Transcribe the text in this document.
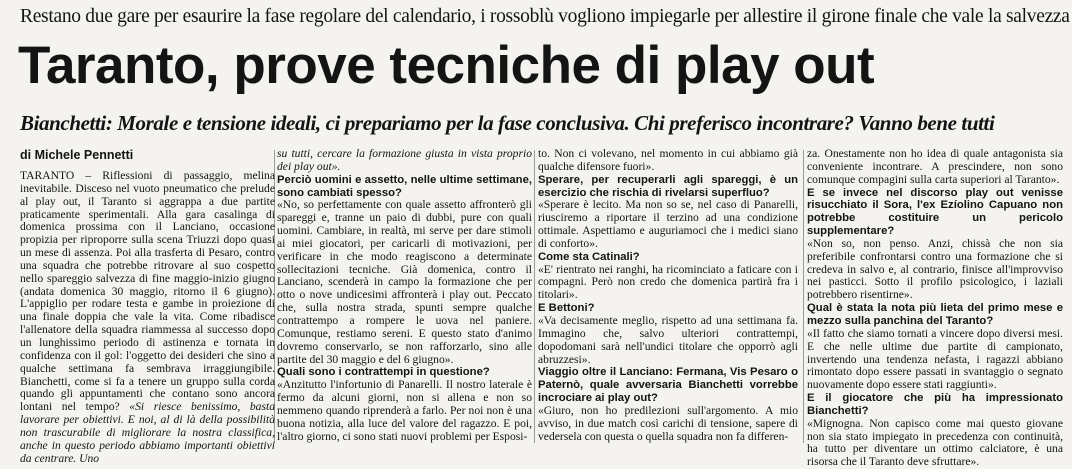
Restano due gare per esaurire la fase regolare del calendario, i rossoblù vogliono impiegarle per allestire il girone finale che vale la salvezza
Taranto, prove tecniche di play out
Bianchetti: Morale e tensione ideali, ci prepariamo per la fase conclusiva. Chi preferisco incontrare? Vanno bene tutti
di Michele Pennetti

TARANTO – Riflessioni di passaggio, melina inevitabile. Disceso nel vuoto pneumatico che prelude al play out, il Taranto si aggrappa a due partite praticamente sperimentali. Alla gara casalinga di domenica prossima con il Lanciano, occasione propizia per riproporre sulla scena Triuzzi dopo quasi un mese di assenza. Poi alla trasferta di Pesaro, contro una squadra che potrebbe ritrovare al suo cospetto nello spareggio salvezza di fine maggio-inizio giugno (andata domenica 30 maggio, ritorno il 6 giugno). L'appiglio per rodare testa e gambe in proiezione di una finale doppia che vale la vita. Come ribadisce l'allenatore della squadra riammessa al successo dopo un lunghissimo periodo di astinenza e tornata in confidenza con il gol: l'oggetto dei desideri che sino a qualche settimana fa sembrava irraggiungibile. Bianchetti, come si fa a tenere un gruppo sulla corda quando gli appuntamenti che contano sono ancora lontani nel tempo? «Si riesce benissimo, basta lavorare per obiettivi. E noi, al di là della possibilità non trascurabile di migliorare la nostra classifica, anche in questo periodo abbiamo importanti obiettivi da centrare. Uno

su tutti, cercare la formazione giusta in vista proprio dei play out».

Perciò uomini e assetto, nelle ultime settimane, sono cambiati spesso?

«No, so perfettamente con quale assetto affronterò gli spareggi e, tranne un paio di dubbi, pure con quali uomini. Cambiare, in realtà, mi serve per dare stimoli ai miei giocatori, per caricarli di motivazioni, per verificare in che modo reagiscono a determinate sollecitazioni tecniche. Già domenica, contro il Lanciano, scenderà in campo la formazione che per otto o nove undicesimi affronterà i play out. Peccato che, sulla nostra strada, spunti sempre qualche contrattempo a rompere le uova nel paniere. Comunque, restiamo sereni. E questo stato d'animo dovremo conservarlo, se non rafforzarlo, sino alle partite del 30 maggio e del 6 giugno».

Quali sono i contrattempi in questione?

«Anzitutto l'infortunio di Panarelli. Il nostro laterale è fermo da alcuni giorni, non si allena e non so nemmeno quando riprenderà a farlo. Per noi non è una buona notizia, alla luce del valore del ragazzo. E poi, l'altro giorno, ci sono stati nuovi problemi per Esposi-

to. Non ci volevano, nel momento in cui abbiamo già qualche difensore fuori».

Sperare, per recuperarli agli spareggi, è un esercizio che rischia di rivelarsi superfluo?

«Sperare è lecito. Ma non so se, nel caso di Panarelli, riusciremo a riportare il terzino ad una condizione ottimale. Aspettiamo e auguriamoci che i medici siano di conforto».

Come sta Catinali?

«E' rientrato nei ranghi, ha ricominciato a faticare con i compagni. Però non credo che domenica partirà fra i titolari».

E Bettoni?

«Va decisamente meglio, rispetto ad una settimana fa. Immagino che, salvo ulteriori contrattempi, dopodomani sarà nell'undici titolare che opporrò agli abruzzesi».

Viaggio oltre il Lanciano: Fermana, Vis Pesaro o Paternò, quale avversaria Bianchetti vorrebbe incrociare ai play out?

«Giuro, non ho predilezioni sull'argomento. A mio avviso, in due match così carichi di tensione, sapere di vedersela con questa o quella squadra non fa differen-

za. Onestamente non ho idea di quale antagonista sia conveniente incontrare. A prescindere, non sono comunque compagini sulla carta superiori al Taranto».

E se invece nel discorso play out venisse risucchiato il Sora, l'ex Ezíolino Capuano non potrebbe costituire un pericolo supplementare?

«Non so, non penso. Anzi, chissà che non sia preferibile confrontarsi contro una formazione che si credeva in salvo e, al contrario, finisce all'improvviso nei pasticci. Sotto il profilo psicologico, i laziali potrebbero risentirne».

Qual è stata la nota più lieta del primo mese e mezzo sulla panchina del Taranto?

«Il fatto che siamo tornati a vincere dopo diversi mesi. E che nelle ultime due partite di campionato, invertendo una tendenza nefasta, i ragazzi abbiano rimontato dopo essere passati in svantaggio o segnato nuovamente dopo essere stati raggiunti».

E il giocatore che più ha impressionato Bianchetti?

«Mignogna. Non capisco come mai questo giovane non sia stato impiegato in precedenza con continuità, ha tutto per diventare un ottimo calciatore, è una risorsa che il Taranto deve sfruttare».
